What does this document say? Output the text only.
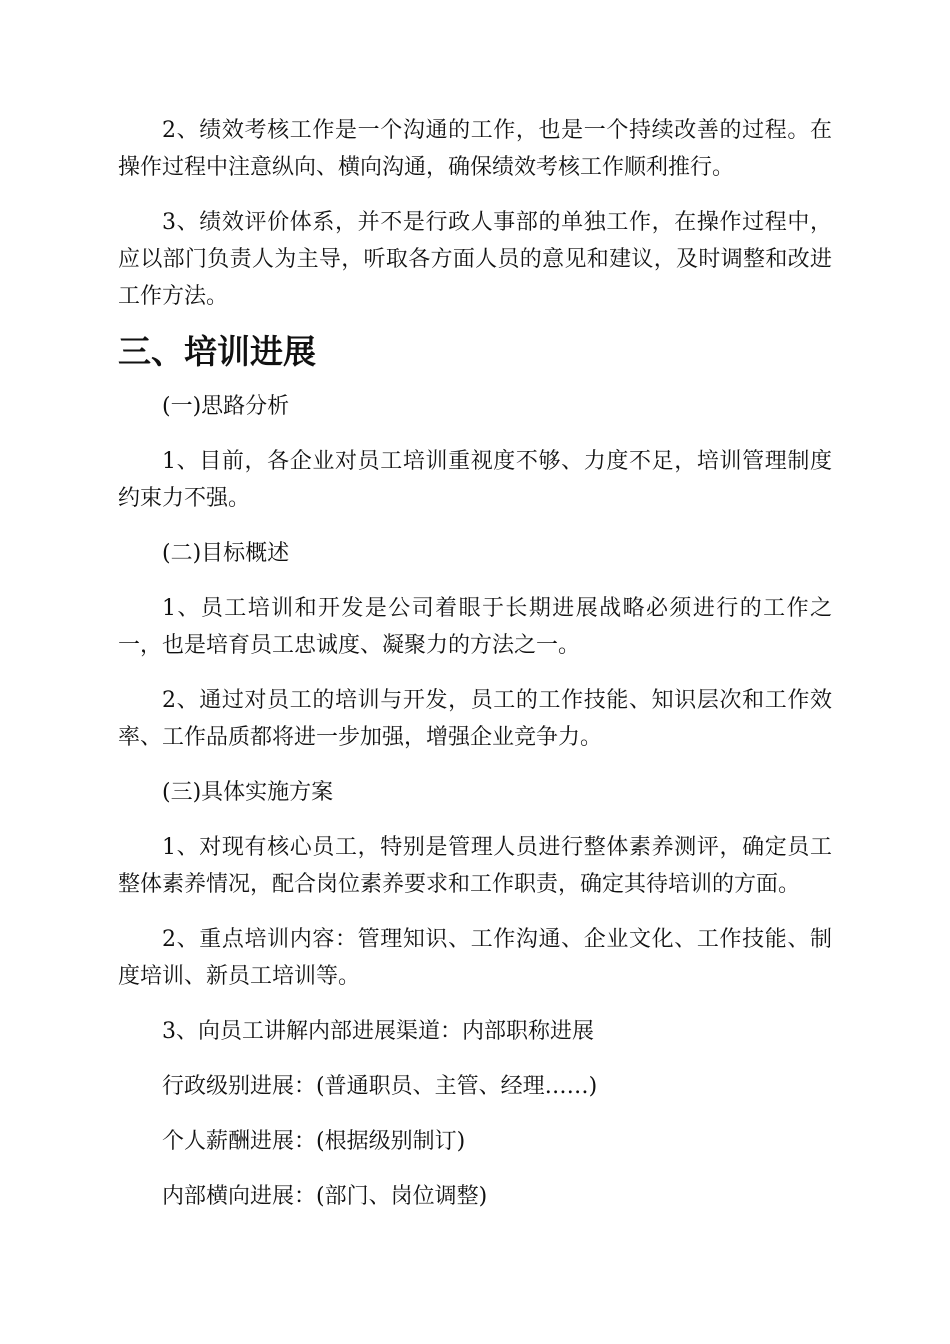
2、绩效考核工作是一个沟通的工作，也是一个持续改善的过程。在操作过程中注意纵向、横向沟通，确保绩效考核工作顺利推行。

3、绩效评价体系，并不是行政人事部的单独工作，在操作过程中，应以部门负责人为主导，听取各方面人员的意见和建议，及时调整和改进工作方法。

三、培训进展

(一)思路分析

1、目前，各企业对员工培训重视度不够、力度不足，培训管理制度约束力不强。

(二)目标概述

1、员工培训和开发是公司着眼于长期进展战略必须进行的工作之一，也是培育员工忠诚度、凝聚力的方法之一。

2、通过对员工的培训与开发，员工的工作技能、知识层次和工作效率、工作品质都将进一步加强，增强企业竞争力。

(三)具体实施方案

1、对现有核心员工，特别是管理人员进行整体素养测评，确定员工整体素养情况，配合岗位素养要求和工作职责，确定其待培训的方面。

2、重点培训内容：管理知识、工作沟通、企业文化、工作技能、制度培训、新员工培训等。

3、向员工讲解内部进展渠道：内部职称进展

行政级别进展：(普通职员、主管、经理……)

个人薪酬进展：(根据级别制订)

内部横向进展：(部门、岗位调整)
